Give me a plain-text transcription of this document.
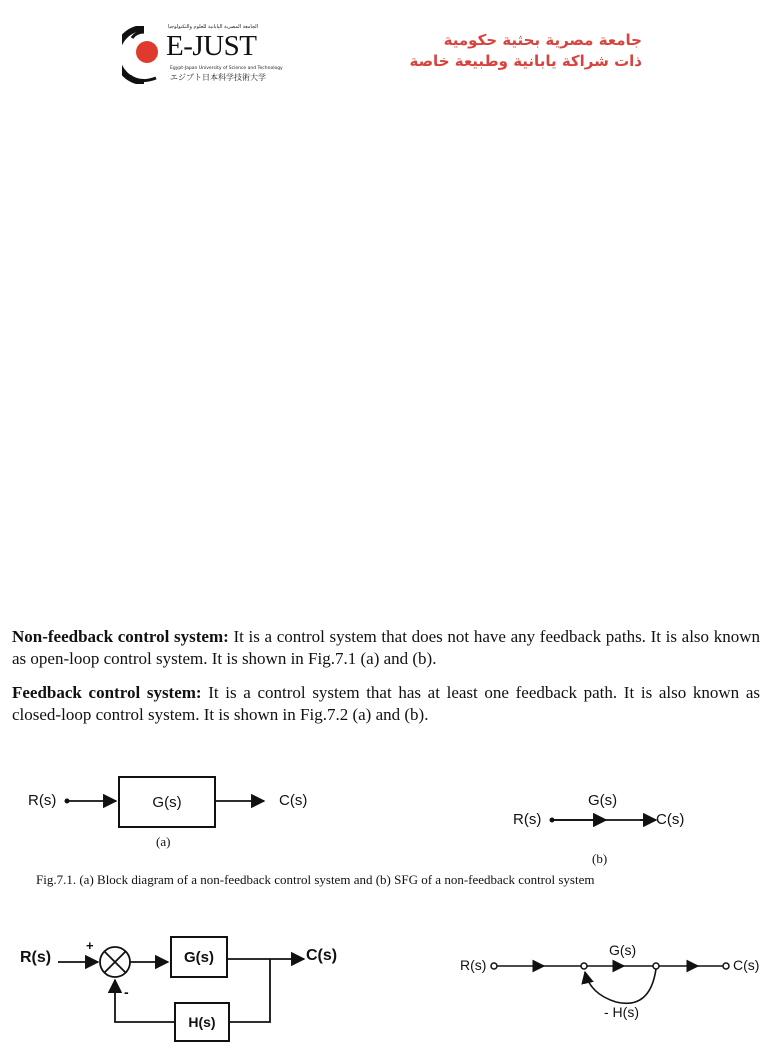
الجامعة المصرية اليابانية للعلوم والتكنولوجيا
E-JUST
Egypt-Japan University of Science and Technology
エジプト日本科学技術大学
جامعة مصرية بحثية حكومية
ذات شراكة يابانية وطبيعة خاصة

Non-feedback control system: It is a control system that does not have any feedback paths. It is also known as open-loop control system. It is shown in Fig.7.1 (a) and (b).

Feedback control system: It is a control system that has at least one feedback path. It is also known as closed-loop control system. It is shown in Fig.7.2 (a) and (b).

R(s)	G(s)	C(s)
(a)
R(s)
G(s)
C(s)
(b)
Fig.7.1. (a) Block diagram of a non-feedback control system and (b) SFG of a non-feedback control system
R(s)
+
-
G(s)	C(s)
H(s)
R(s)
G(s)
C(s)
- H(s)
